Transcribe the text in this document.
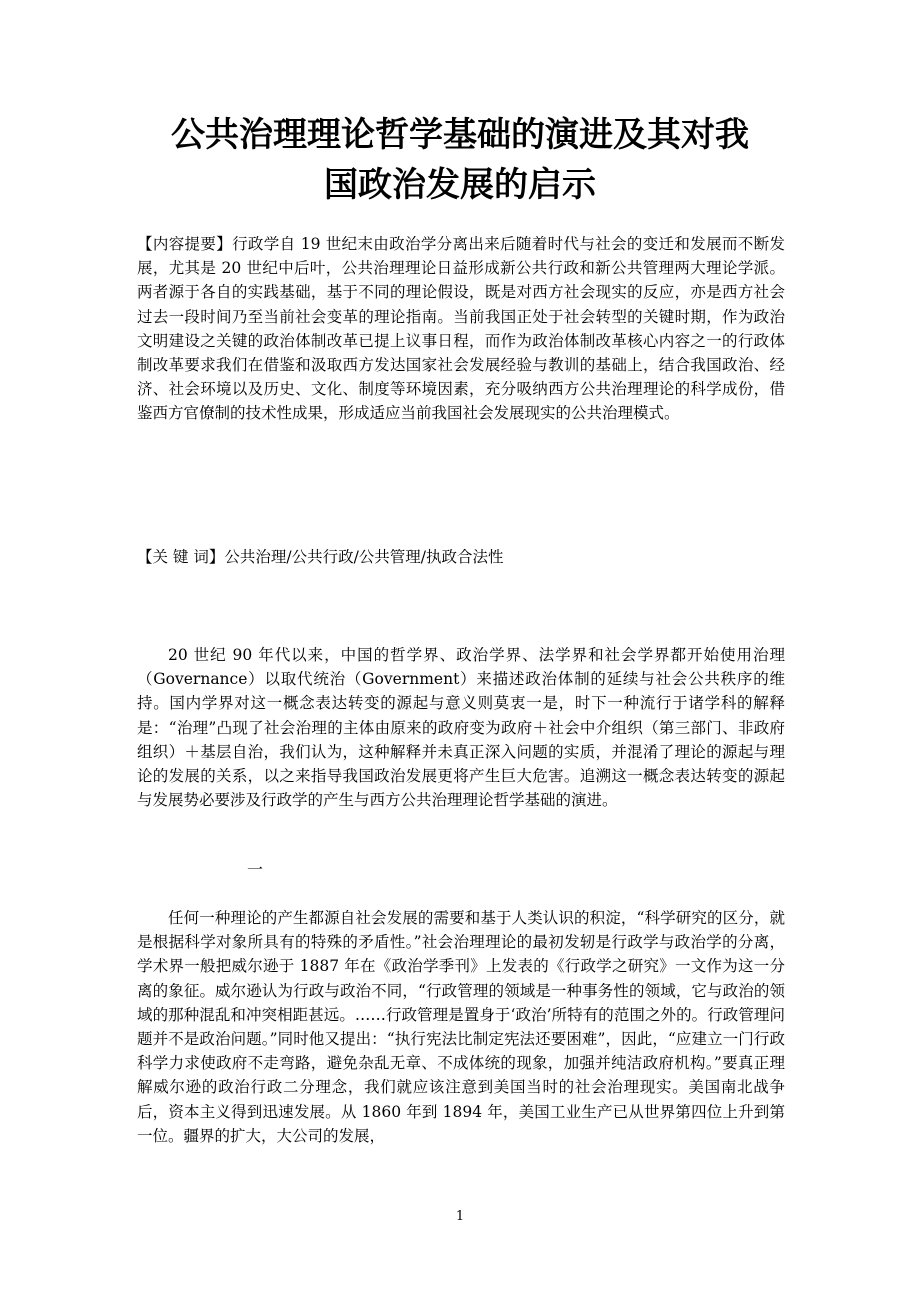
公共治理理论哲学基础的演进及其对我
国政治发展的启示

【内容提要】行政学自 19 世纪末由政治学分离出来后随着时代与社会的变迁和发展而不断发展，尤其是 20 世纪中后叶，公共治理理论日益形成新公共行政和新公共管理两大理论学派。两者源于各自的实践基础，基于不同的理论假设，既是对西方社会现实的反应，亦是西方社会过去一段时间乃至当前社会变革的理论指南。当前我国正处于社会转型的关键时期，作为政治文明建设之关键的政治体制改革已提上议事日程，而作为政治体制改革核心内容之一的行政体制改革要求我们在借鉴和汲取西方发达国家社会发展经验与教训的基础上，结合我国政治、经济、社会环境以及历史、文化、制度等环境因素，充分吸纳西方公共治理理论的科学成份，借鉴西方官僚制的技术性成果，形成适应当前我国社会发展现实的公共治理模式。

【关 键 词】公共治理/公共行政/公共管理/执政合法性

20 世纪 90 年代以来，中国的哲学界、政治学界、法学界和社会学界都开始使用治理（Governance）以取代统治（Government）来描述政治体制的延续与社会公共秩序的维持。国内学界对这一概念表达转变的源起与意义则莫衷一是，时下一种流行于诸学科的解释是：“治理”凸现了社会治理的主体由原来的政府变为政府＋社会中介组织（第三部门、非政府组织）＋基层自治，我们认为，这种解释并未真正深入问题的实质，并混淆了理论的源起与理论的发展的关系，以之来指导我国政治发展更将产生巨大危害。追溯这一概念表达转变的源起与发展势必要涉及行政学的产生与西方公共治理理论哲学基础的演进。

一

任何一种理论的产生都源自社会发展的需要和基于人类认识的积淀，“科学研究的区分，就是根据科学对象所具有的特殊的矛盾性。”社会治理理论的最初发轫是行政学与政治学的分离，学术界一般把威尔逊于 1887 年在《政治学季刊》上发表的《行政学之研究》一文作为这一分离的象征。威尔逊认为行政与政治不同，“行政管理的领域是一种事务性的领域，它与政治的领域的那种混乱和冲突相距甚远。……行政管理是置身于‘政治’所特有的范围之外的。行政管理问题并不是政治问题。”同时他又提出：“执行宪法比制定宪法还要困难”，因此，“应建立一门行政科学力求使政府不走弯路，避免杂乱无章、不成体统的现象，加强并纯洁政府机构。”要真正理解威尔逊的政治行政二分理念，我们就应该注意到美国当时的社会治理现实。美国南北战争后，资本主义得到迅速发展。从 1860 年到 1894 年，美国工业生产已从世界第四位上升到第一位。疆界的扩大，大公司的发展，

1
